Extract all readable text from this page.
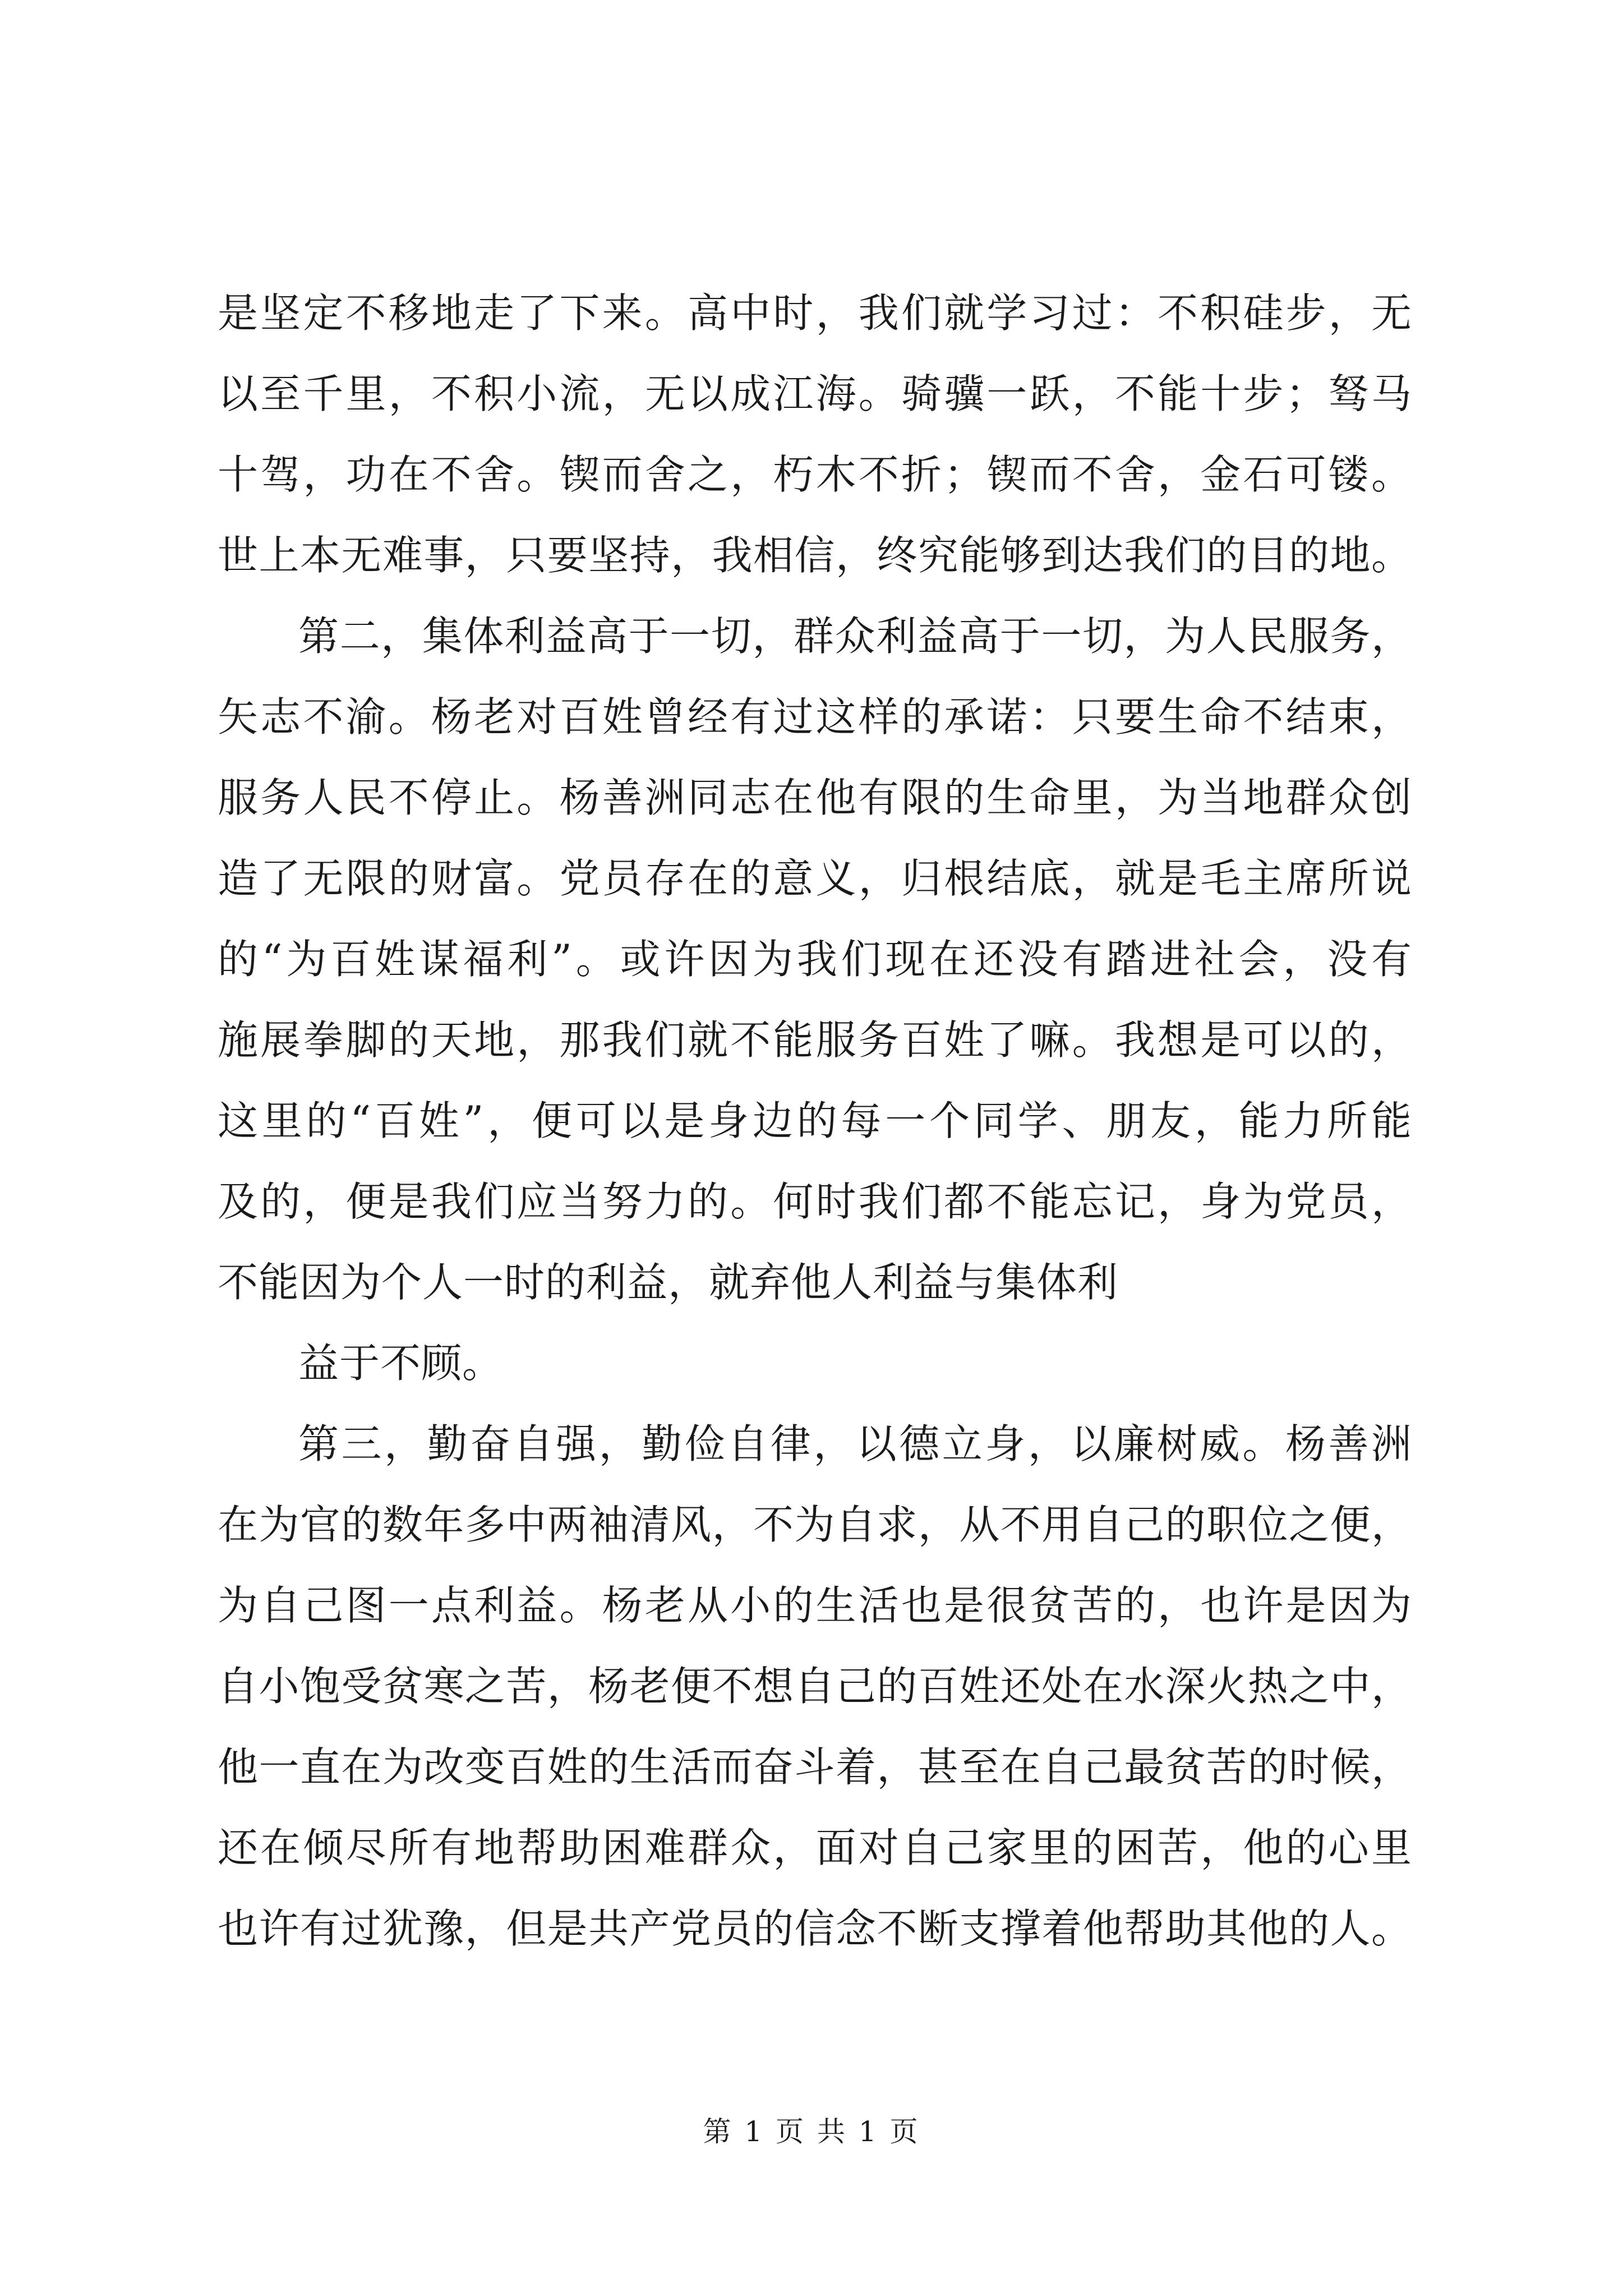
是坚定不移地走了下来。高中时，我们就学习过：不积硅步，无
以至千里，不积小流，无以成江海。骑骥一跃，不能十步；驽马
十驾，功在不舍。锲而舍之，朽木不折；锲而不舍，金石可镂。
世上本无难事，只要坚持，我相信，终究能够到达我们的目的地。
第二，集体利益高于一切，群众利益高于一切，为人民服务，
矢志不渝。杨老对百姓曾经有过这样的承诺：只要生命不结束，
服务人民不停止。杨善洲同志在他有限的生命里，为当地群众创
造了无限的财富。党员存在的意义，归根结底，就是毛主席所说
的“为百姓谋福利”。或许因为我们现在还没有踏进社会，没有
施展拳脚的天地，那我们就不能服务百姓了嘛。我想是可以的，
这里的“百姓”，便可以是身边的每一个同学、朋友，能力所能
及的，便是我们应当努力的。何时我们都不能忘记，身为党员，
不能因为个人一时的利益，就弃他人利益与集体利
益于不顾。
第三，勤奋自强，勤俭自律，以德立身，以廉树威。杨善洲
在为官的数年多中两袖清风，不为自求，从不用自己的职位之便，
为自己图一点利益。杨老从小的生活也是很贫苦的，也许是因为
自小饱受贫寒之苦，杨老便不想自己的百姓还处在水深火热之中，
他一直在为改变百姓的生活而奋斗着，甚至在自己最贫苦的时候，
还在倾尽所有地帮助困难群众，面对自己家里的困苦，他的心里
也许有过犹豫，但是共产党员的信念不断支撑着他帮助其他的人。
第 1 页 共 1 页
